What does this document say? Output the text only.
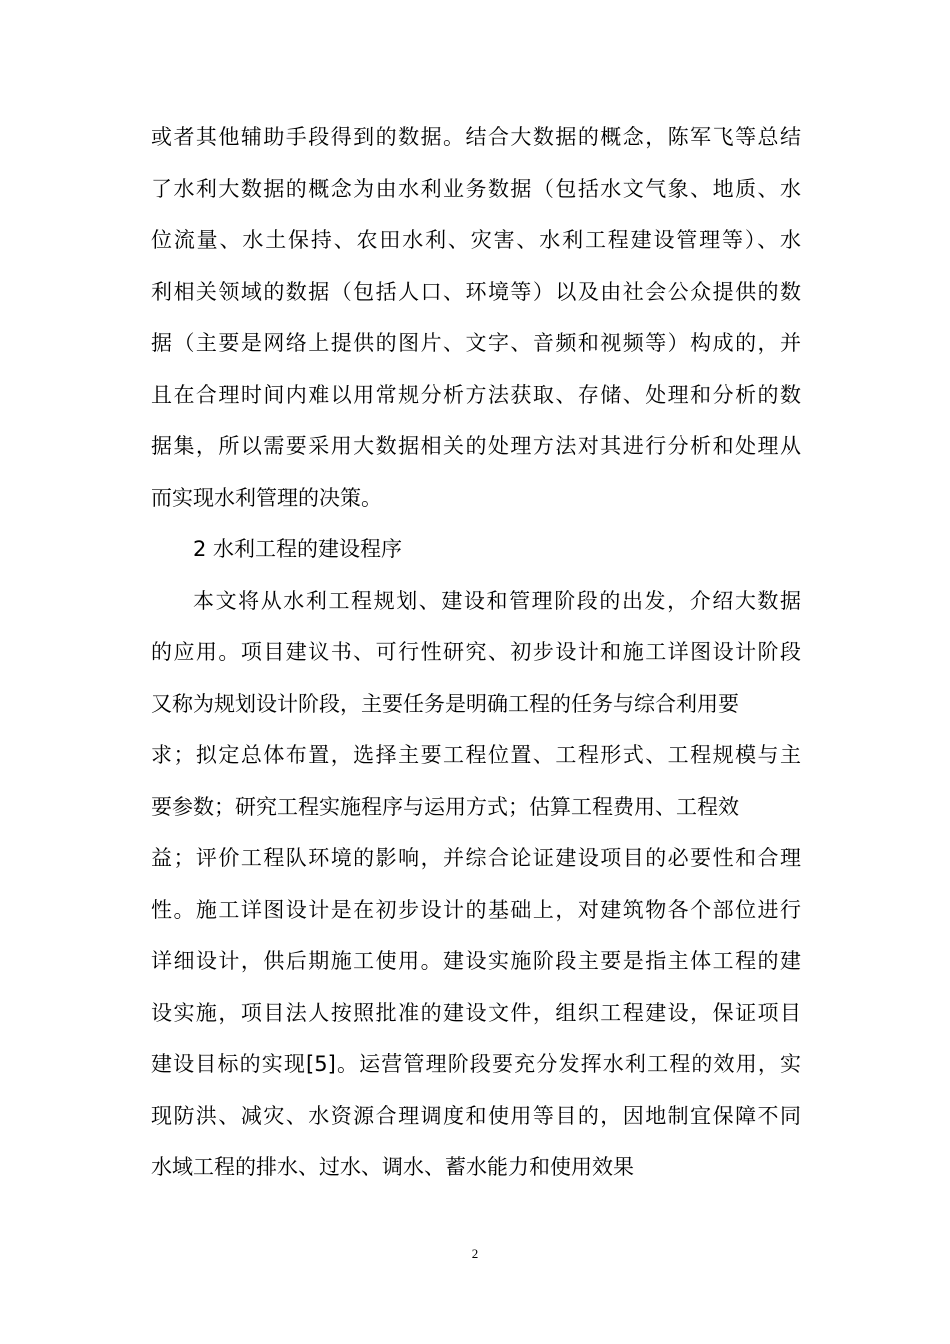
或者其他辅助手段得到的数据。结合大数据的概念，陈军飞等总结
了水利大数据的概念为由水利业务数据（包括水文气象、地质、水
位流量、水土保持、农田水利、灾害、水利工程建设管理等）、水
利相关领域的数据（包括人口、环境等）以及由社会公众提供的数
据（主要是网络上提供的图片、文字、音频和视频等）构成的，并
且在合理时间内难以用常规分析方法获取、存储、处理和分析的数
据集，所以需要采用大数据相关的处理方法对其进行分析和处理从
而实现水利管理的决策。
2 水利工程的建设程序
本文将从水利工程规划、建设和管理阶段的出发，介绍大数据
的应用。项目建议书、可行性研究、初步设计和施工详图设计阶段
又称为规划设计阶段，主要任务是明确工程的任务与综合利用要
求；拟定总体布置，选择主要工程位置、工程形式、工程规模与主
要参数；研究工程实施程序与运用方式；估算工程费用、工程效
益；评价工程队环境的影响，并综合论证建设项目的必要性和合理
性。施工详图设计是在初步设计的基础上，对建筑物各个部位进行
详细设计，供后期施工使用。建设实施阶段主要是指主体工程的建
设实施，项目法人按照批准的建设文件，组织工程建设，保证项目
建设目标的实现[5]。运营管理阶段要充分发挥水利工程的效用，实
现防洪、减灾、水资源合理调度和使用等目的，因地制宜保障不同
水域工程的排水、过水、调水、蓄水能力和使用效果
2
